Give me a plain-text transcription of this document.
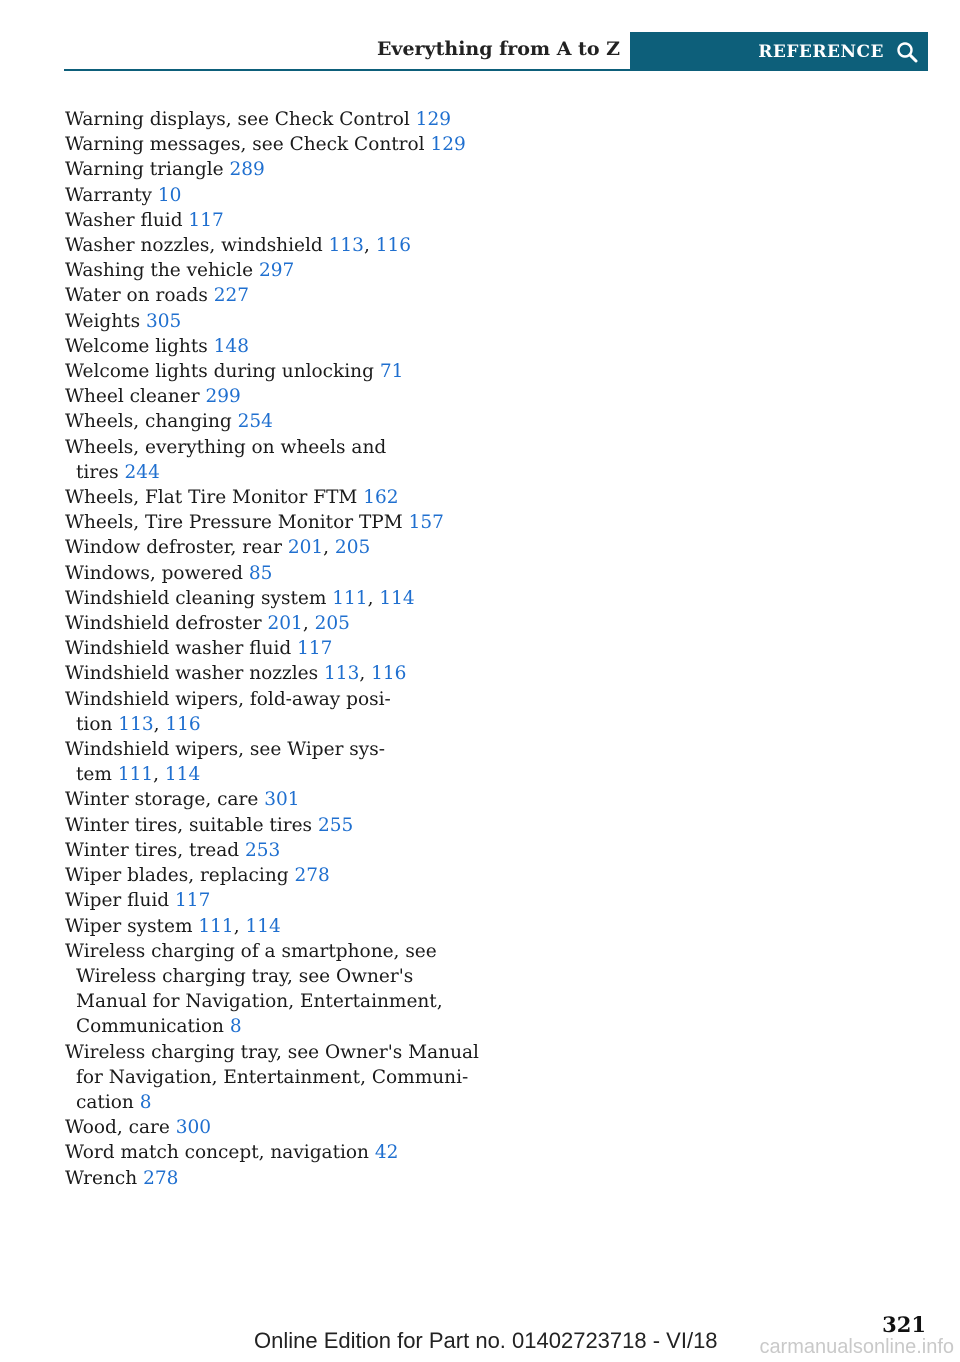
Everything from A to Z	REFERENCE
Warning displays, see Check Control 129
Warning messages, see Check Control 129
Warning triangle 289
Warranty 10
Washer fluid 117
Washer nozzles, windshield 113, 116
Washing the vehicle 297
Water on roads 227
Weights 305
Welcome lights 148
Welcome lights during unlocking 71
Wheel cleaner 299
Wheels, changing 254
Wheels, everything on wheels and
tires 244
Wheels, Flat Tire Monitor FTM 162
Wheels, Tire Pressure Monitor TPM 157
Window defroster, rear 201, 205
Windows, powered 85
Windshield cleaning system 111, 114
Windshield defroster 201, 205
Windshield washer fluid 117
Windshield washer nozzles 113, 116
Windshield wipers, fold-away posi-
tion 113, 116
Windshield wipers, see Wiper sys-
tem 111, 114
Winter storage, care 301
Winter tires, suitable tires 255
Winter tires, tread 253
Wiper blades, replacing 278
Wiper fluid 117
Wiper system 111, 114
Wireless charging of a smartphone, see
Wireless charging tray, see Owner's
Manual for Navigation, Entertainment,
Communication 8
Wireless charging tray, see Owner's Manual
for Navigation, Entertainment, Communi-
cation 8
Wood, care 300
Word match concept, navigation 42
Wrench 278
321
Online Edition for Part no. 01402723718 - VI/18	carmanualsonline.info
